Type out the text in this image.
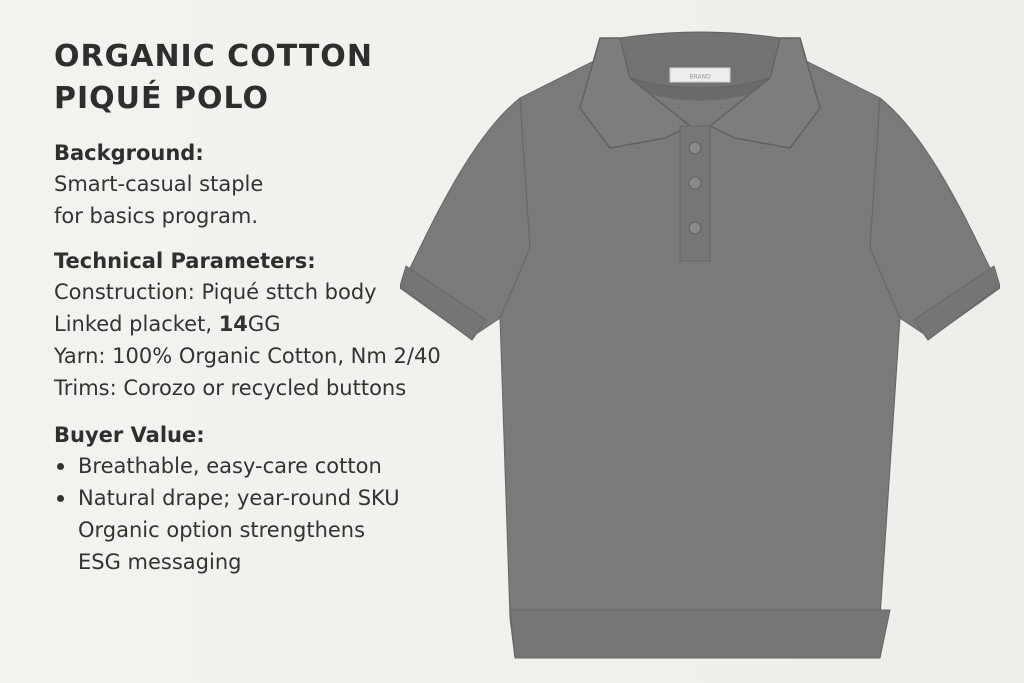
ORGANIC COTTON
PIQUÉ POLO
Background:
Smart-casual staple
for basics program.
Technical Parameters:
Construction: Piqué sttch body
Linked placket, 14GG
Yarn: 100% Organic Cotton, Nm 2/40
Trims: Corozo or recycled buttons
Buyer Value:
Breathable, easy-care cotton
Natural drape; year-round SKU
Organic option strengthens
ESG messaging
BRAND
